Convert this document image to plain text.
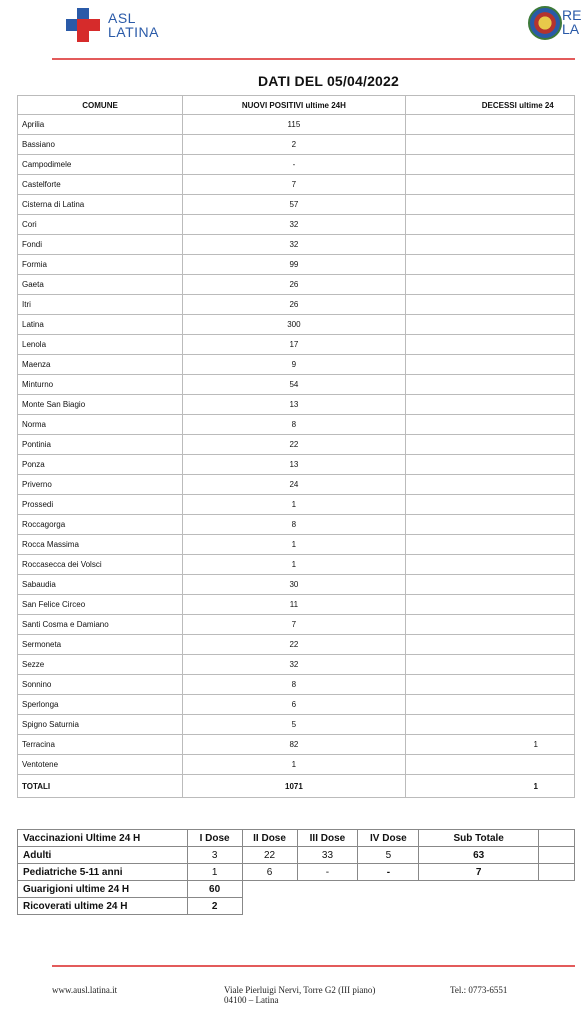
ASL
LATINA
RE
LA
DATI DEL 05/04/2022
COMUNE	NUOVI POSITIVI ultime 24H	DECESSI ultime 24
Aprilia	115	
Bassiano	2	
Campodimele	-	
Castelforte	7	
Cisterna di Latina	57	
Cori	32	
Fondi	32	
Formia	99	
Gaeta	26	
Itri	26	
Latina	300	
Lenola	17	
Maenza	9	
Minturno	54	
Monte San Biagio	13	
Norma	8	
Pontinia	22	
Ponza	13	
Priverno	24	
Prossedi	1	
Roccagorga	8	
Rocca Massima	1	
Roccasecca dei Volsci	1	
Sabaudia	30	
San Felice Circeo	11	
Santi Cosma e Damiano	7	
Sermoneta	22	
Sezze	32	
Sonnino	8	
Sperlonga	6	
Spigno Saturnia	5	
Terracina	82	1
Ventotene	1	
TOTALI	1071	1
Vaccinazioni Ultime 24 H	I Dose	II Dose	III Dose	IV Dose	Sub Totale	
Adulti	3	22	33	5	63	
Pediatriche 5-11 anni	1	6	-	-	7	
Guarigioni ultime 24 H	60					
Ricoverati ultime 24 H	2					
www.ausl.latina.it	Viale Pierluigi Nervi, Torre G2 (III piano)
04100 – Latina
Tel.: 0773-6551
